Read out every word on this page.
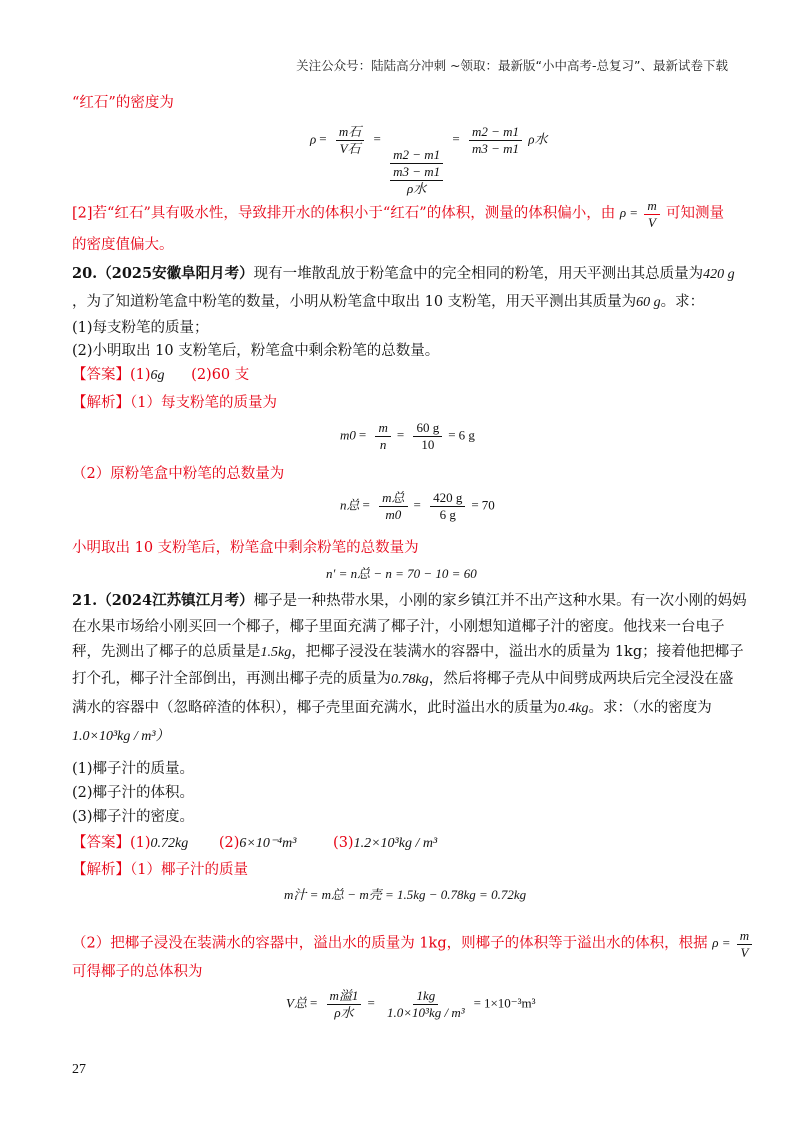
关注公众号：陆陆高分冲刺 ~领取：最新版“小中高考-总复习”、最新试卷下载
“红石”的密度为
$\rho = \frac{\text{m石}}{\text{V石}}$ =
m2 − m1
m3 − m1
ρ水
= $\frac{m2 - m1}{m3 - m1}$ ρ水
[2]若“红石”具有吸水性，导致排开水的体积小于“红石”的体积，测量的体积偏小，由 $\rho = \frac{m}{V}$ 可知测量
的密度值偏大。
20.（2025安徽阜阳月考）现有一堆散乱放于粉笔盒中的完全相同的粉笔，用天平测出其总质量为420 g
，为了知道粉笔盒中粉笔的数量，小明从粉笔盒中取出 10 支粉笔，用天平测出其质量为60 g。求：
(1)每支粉笔的质量；
(2)小明取出 10 支粉笔后，粉笔盒中剩余粉笔的总数量。
【答案】(1)6g (2)60 支
【解析】（1）每支粉笔的质量为
$m0 = \frac{m}{n} = \frac{60 g}{10} = 6$ g
（2）原粉笔盒中粉笔的总数量为
n总 = $\frac{\text{m总}}{m0} = \frac{420 g}{6 g} = 70$
小明取出 10 支粉笔后，粉笔盒中剩余粉笔的总数量为
n′ = n总 − n = 70 − 10 = 60
21.（2024江苏镇江月考）椰子是一种热带水果，小刚的家乡镇江并不出产这种水果。有一次小刚的妈妈
在水果市场给小刚买回一个椰子，椰子里面充满了椰子汁，小刚想知道椰子汁的密度。他找来一台电子
秤，先测出了椰子的总质量是1.5kg，把椰子浸没在装满水的容器中，溢出水的质量为 1kg；接着他把椰子
打个孔，椰子汁全部倒出，再测出椰子壳的质量为0.78kg，然后将椰子壳从中间劈成两块后完全浸没在盛
满水的容器中（忽略碎渣的体积），椰子壳里面充满水，此时溢出水的质量为0.4kg。求：（水的密度为
1.0×10³kg / m³）
(1)椰子汁的质量。
(2)椰子汁的体积。
(3)椰子汁的密度。
【答案】(1)0.72kg (2)6×10⁻⁴m³	(3)1.2×10³kg / m³
【解析】（1）椰子汁的质量
m汁 = m总 − m壳 = 1.5kg − 0.78kg = 0.72kg
（2）把椰子浸没在装满水的容器中，溢出水的质量为 1kg，则椰子的体积等于溢出水的体积，根据 $\rho = \frac{m}{V}$
可得椰子的总体积为
V总 = $\frac{\text{m溢1}}{\text{ρ水}} = \frac{1kg}{\text{1.0×10³kg / m³}} = 1\times 10^{-3}m^3$
27
